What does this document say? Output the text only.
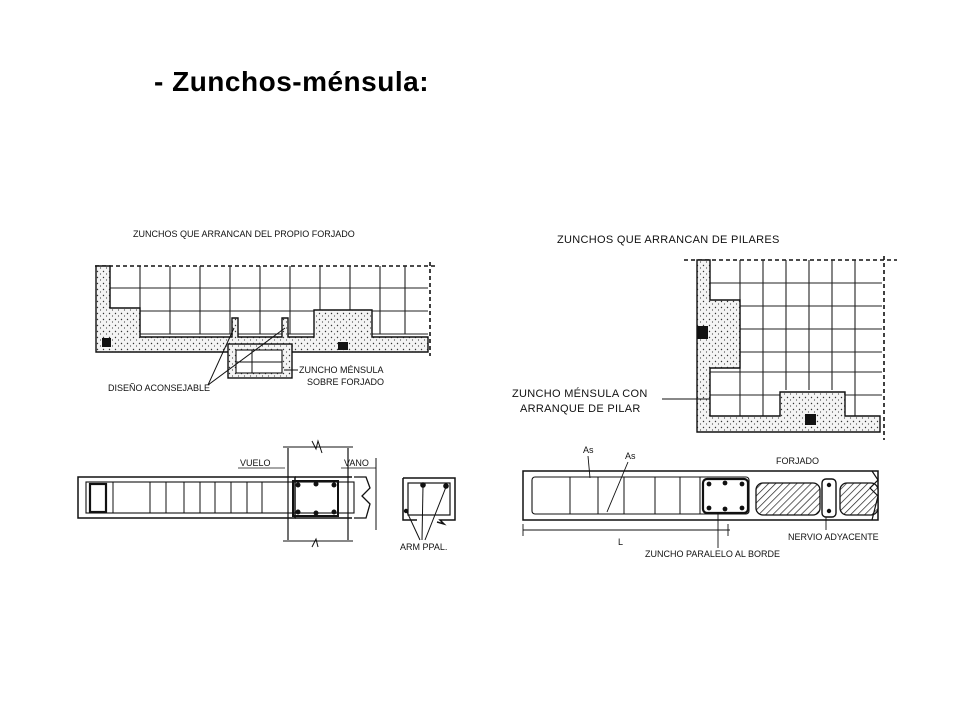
- Zunchos-ménsula:
ZUNCHOS QUE ARRANCAN DEL PROPIO FORJADO
DISEÑO ACONSEJABLE
ZUNCHO MÉNSULA
SOBRE FORJADO
ZUNCHOS QUE ARRANCAN DE PILARES
ZUNCHO MÉNSULA CON
ARRANQUE DE PILAR
VUELO	VANO
ARM PPAL.
As
As	FORJADO
L	NERVIO ADYACENTE
ZUNCHO PARALELO AL BORDE
